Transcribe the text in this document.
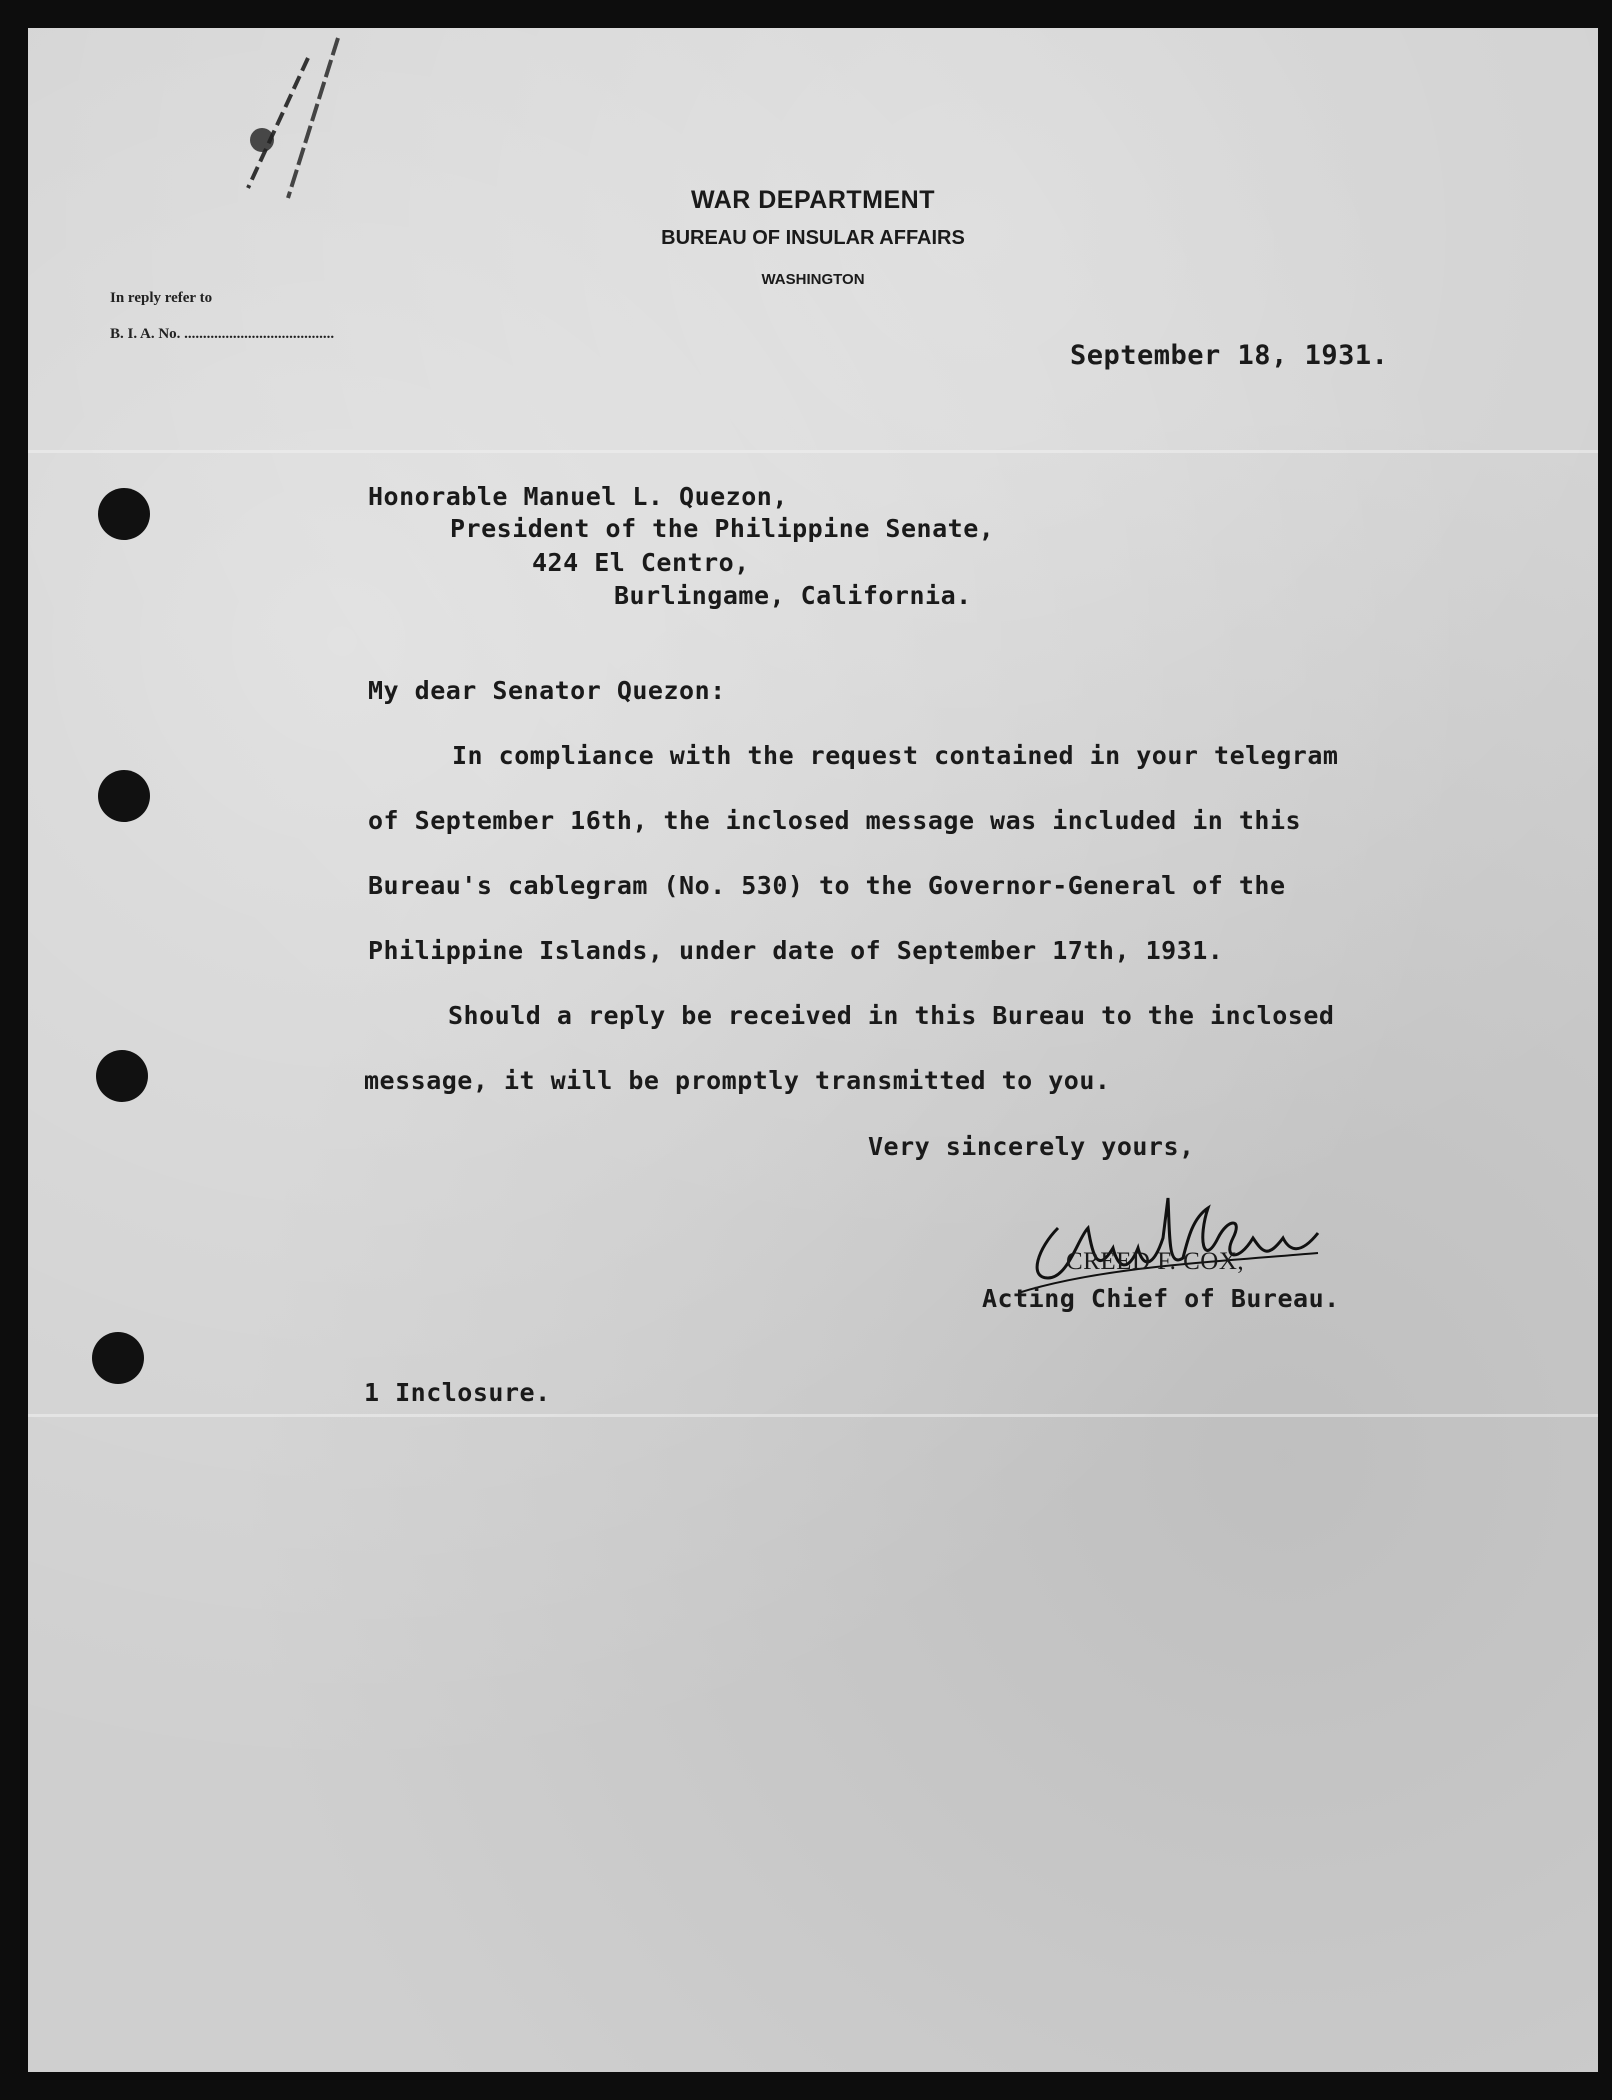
WAR DEPARTMENT
BUREAU OF INSULAR AFFAIRS
WASHINGTON
In reply refer to
B. I. A. No. ........................................
September 18, 1931.
Honorable Manuel L. Quezon,
President of the Philippine Senate,
424 El Centro,
Burlingame, California.
My dear Senator Quezon:
In compliance with the request contained in your telegram
of September 16th, the inclosed message was included in this
Bureau's cablegram (No. 530) to the Governor-General of the
Philippine Islands, under date of September 17th, 1931.
Should a reply be received in this Bureau to the inclosed
message, it will be promptly transmitted to you.
Very sincerely yours,
CREED F. COX,
Acting Chief of Bureau.
1 Inclosure.
